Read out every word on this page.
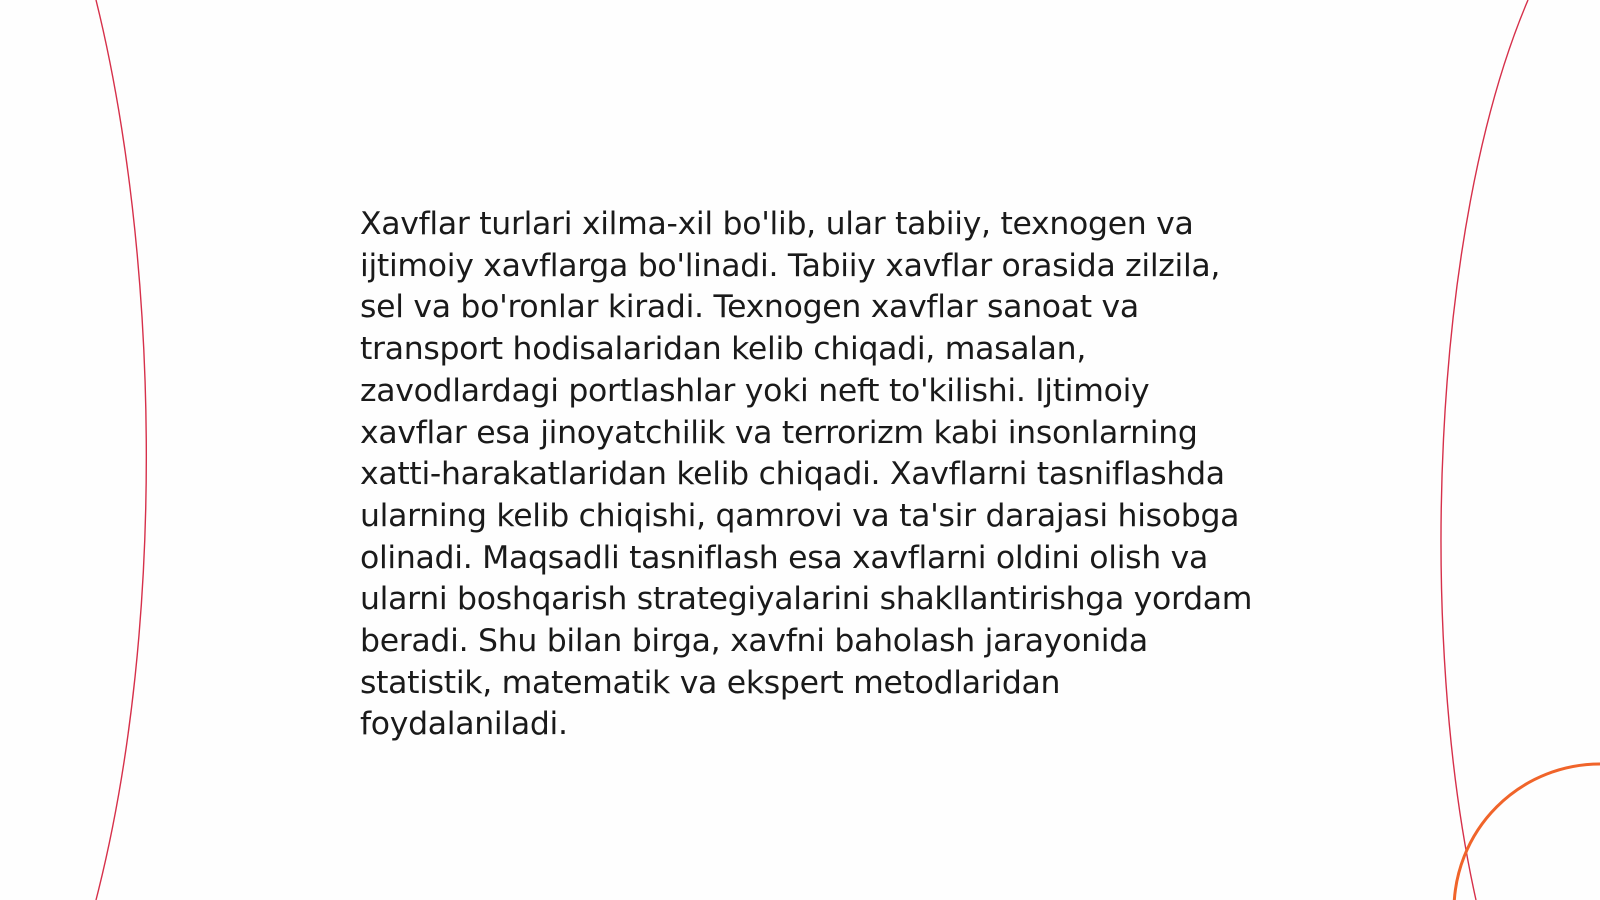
Xavflar turlari xilma-xil bo'lib, ular tabiiy, texnogen va ijtimoiy xavflarga bo'linadi. Tabiiy xavflar orasida zilzila, sel va bo'ronlar kiradi. Texnogen xavflar sanoat va transport hodisalaridan kelib chiqadi, masalan, zavodlardagi portlashlar yoki neft to'kilishi. Ijtimoiy xavflar esa jinoyatchilik va terrorizm kabi insonlarning xatti-harakatlaridan kelib chiqadi. Xavflarni tasniflashda ularning kelib chiqishi, qamrovi va ta'sir darajasi hisobga olinadi. Maqsadli tasniflash esa xavflarni oldini olish va ularni boshqarish strategiyalarini shakllantirishga yordam beradi. Shu bilan birga, xavfni baholash jarayonida statistik, matematik va ekspert metodlaridan foydalaniladi.
